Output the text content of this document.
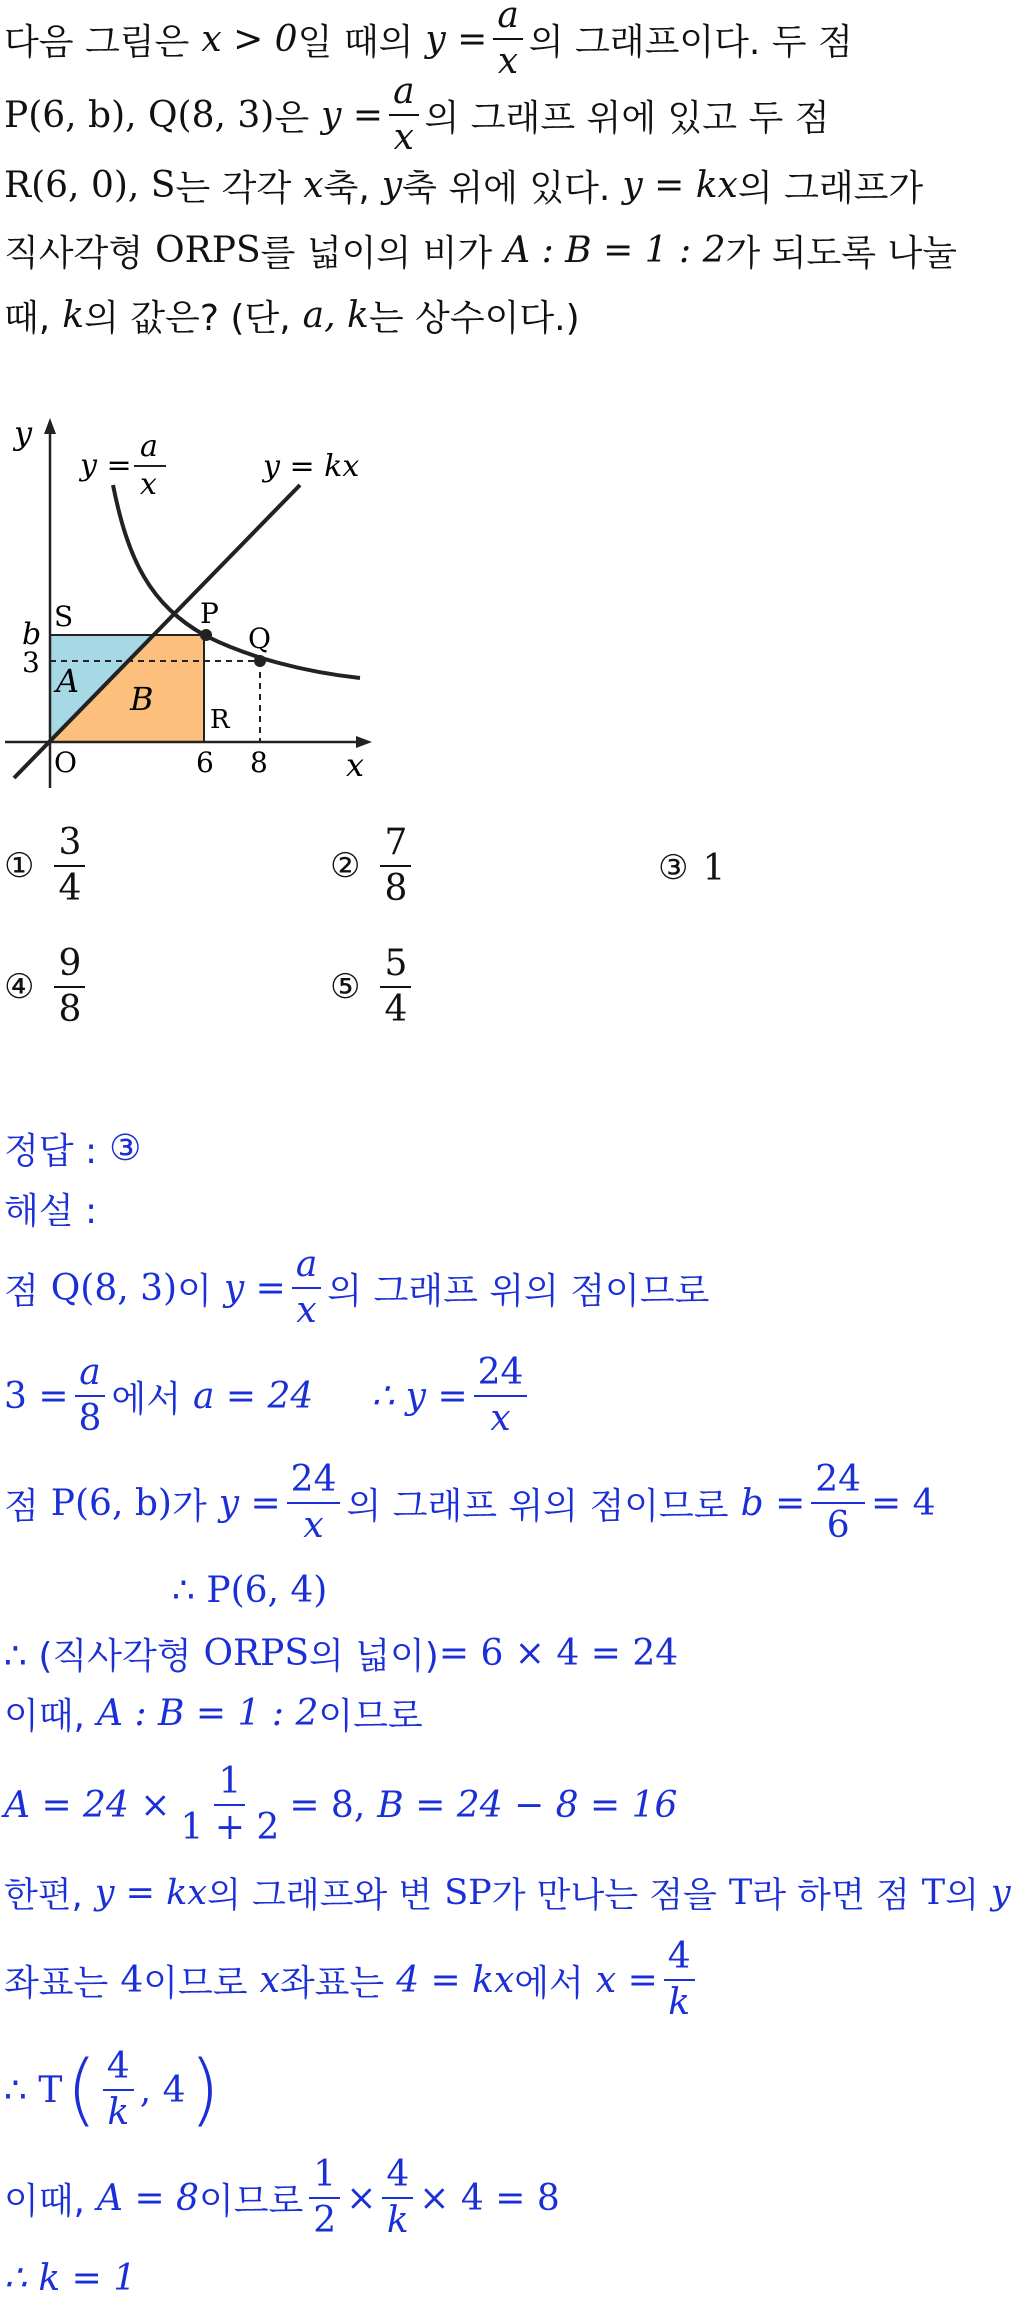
다음 그림은 x > 0 일 때의 $y = \frac{a}{x}$ 의 그래프이다. 두 점
P(6, b), Q(8, 3) 은 $y = \frac{a}{x}$ 의 그래프 위에 있고 두 점
R(6, 0), S 는 각각 x 축, y 축 위에 있다. y = kx 의 그래프가
직사각형 ORPS 를 넓이의 비가 A : B = 1 : 2 가 되도록 나눌
때, k 의 값은? (단, a, k 는 상수이다.)
y
x
y =
a
x
y = kx
S	P
Q
R
O
b
3
6 8
A B
① $\frac{3}{4}$	② $\frac{7}{8}$	③ 1
④ $\frac{9}{8}$	⑤ $\frac{5}{4}$
정답 : ③
해설 :
점 Q(8, 3) 이 $y = \frac{a}{x}$ 의 그래프 위의 점이므로
$3 = \frac{a}{8}$ 에서 a = 24 ∴ $y = \frac{24}{x}$
점 P(6, b) 가 $y = \frac{24}{x}$ 의 그래프 위의 점이므로 $b = \frac{24}{6} = 4$
∴ P(6, 4)
∴ (직사각형 ORPS 의 넓이) = 6 × 4 = 24
이때, A : B = 1 : 2 이므로
$A = 24 \times \frac{1}{1 + 2} = 8$, B = 24 − 8 = 16
한편, y = kx 의 그래프와 변 SP 가 만나는 점을 T 라 하면 점 T 의 y
좌표는 4 이므로 x 좌표는 4 = kx 에서 $x = \frac{4}{k}$
∴ T ( $\frac{4}{k}$ , 4 )
이때, A = 8 이므로 $\frac{1}{2} \times \frac{4}{k} \times 4 = 8$
∴ k = 1
